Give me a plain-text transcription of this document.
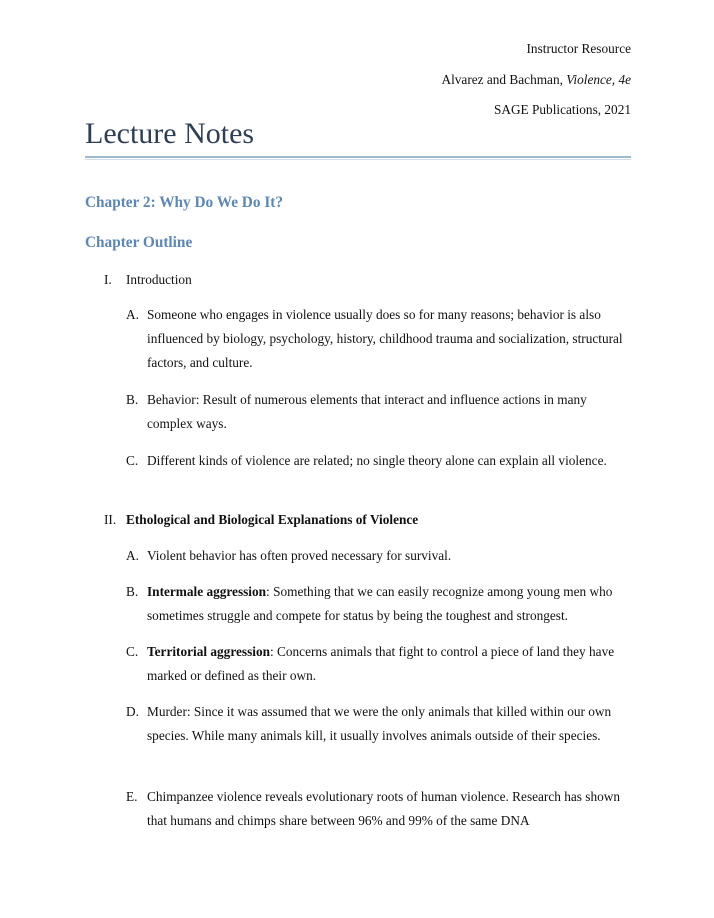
Instructor Resource
Alvarez and Bachman, Violence, 4e
SAGE Publications, 2021
Lecture Notes
Chapter 2: Why Do We Do It?
Chapter Outline
I. Introduction
A. Someone who engages in violence usually does so for many reasons; behavior is also influenced by biology, psychology, history, childhood trauma and socialization, structural factors, and culture.
B. Behavior: Result of numerous elements that interact and influence actions in many complex ways.
C. Different kinds of violence are related; no single theory alone can explain all violence.
II. Ethological and Biological Explanations of Violence
A. Violent behavior has often proved necessary for survival.
B. Intermale aggression: Something that we can easily recognize among young men who sometimes struggle and compete for status by being the toughest and strongest.
C. Territorial aggression: Concerns animals that fight to control a piece of land they have marked or defined as their own.
D. Murder: Since it was assumed that we were the only animals that killed within our own species. While many animals kill, it usually involves animals outside of their species.
E. Chimpanzee violence reveals evolutionary roots of human violence. Research has shown that humans and chimps share between 96% and 99% of the same DNA
